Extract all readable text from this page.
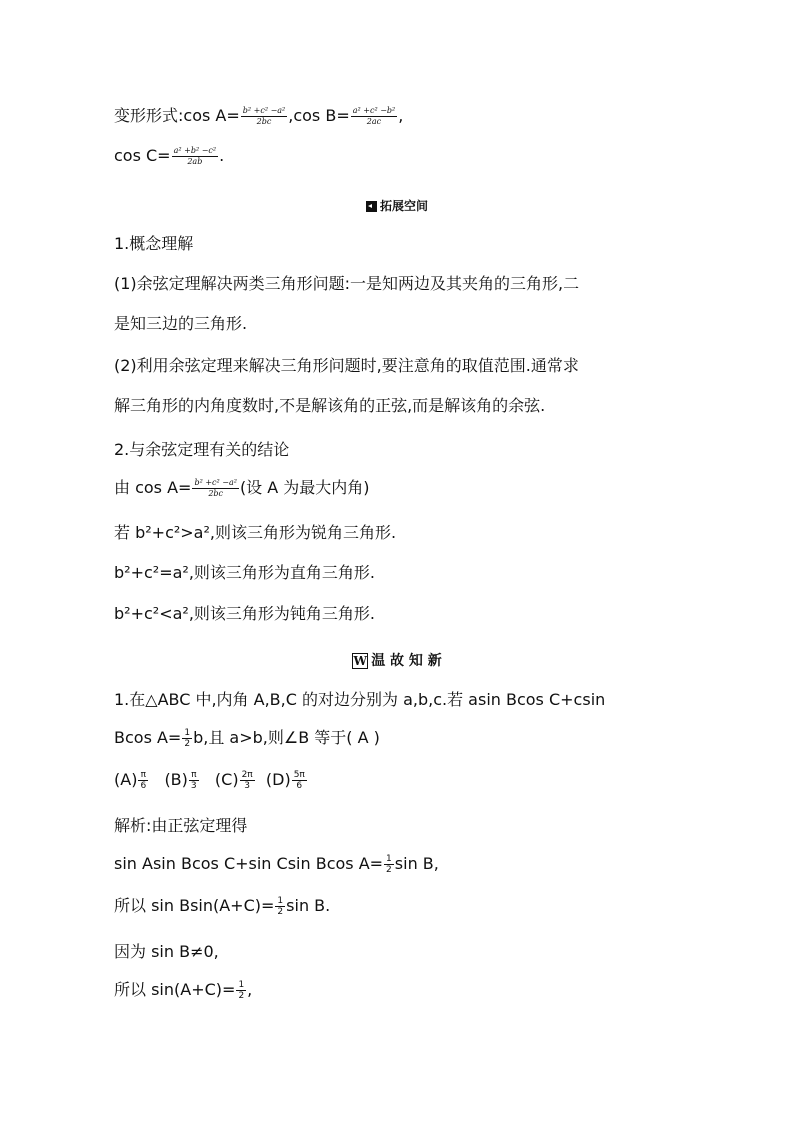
变形形式:cos $A= \frac{\text{b² +c² −a²}}{2bc} ,\cos$ $B= \frac{\text{a² +c² −b²}}{2ac}$ ,
$\cos C= \frac{\text{a² +b² −c²}}{2ab}$ .
拓展空间
1.概念理解
(1)余弦定理解决两类三角形问题:一是知两边及其夹角的三角形,二
是知三边的三角形.
(2)利用余弦定理来解决三角形问题时,要注意角的取值范围.通常求
解三角形的内角度数时,不是解该角的正弦,而是解该角的余弦.
2.与余弦定理有关的结论
由 $\cos A= \frac{\text{b² +c² −a²}}{2bc}$ (设 A 为最大内角)
若 b²+c²>a²,则该三角形为锐角三角形.
b²+c²=a²,则该三角形为直角三角形.
b²+c²<a²,则该三角形为钝角三角形.
W 温 故 知 新
1.在△ABC 中,内角 A,B,C 的对边分别为 a,b,c.若 asin Bcos C+csin
Bcos $A= \frac{1}{2} b$,且 a>b,则∠B 等于( A )
$(A) \frac{\pi}{6} (B) \frac{\pi}{3} (C) \frac{2\pi}{3} (D) \frac{5\pi}{6}$
解析:由正弦定理得
sin Asin Bcos C+sin Csin Bcos $A= \frac{1}{2}$ sin B,
所以 $\sin Bsin(A+C)= \frac{1}{2}$ sin B.
因为 sin B≠0,
所以 $\sin(A+C)= \frac{1}{2}$ ,
